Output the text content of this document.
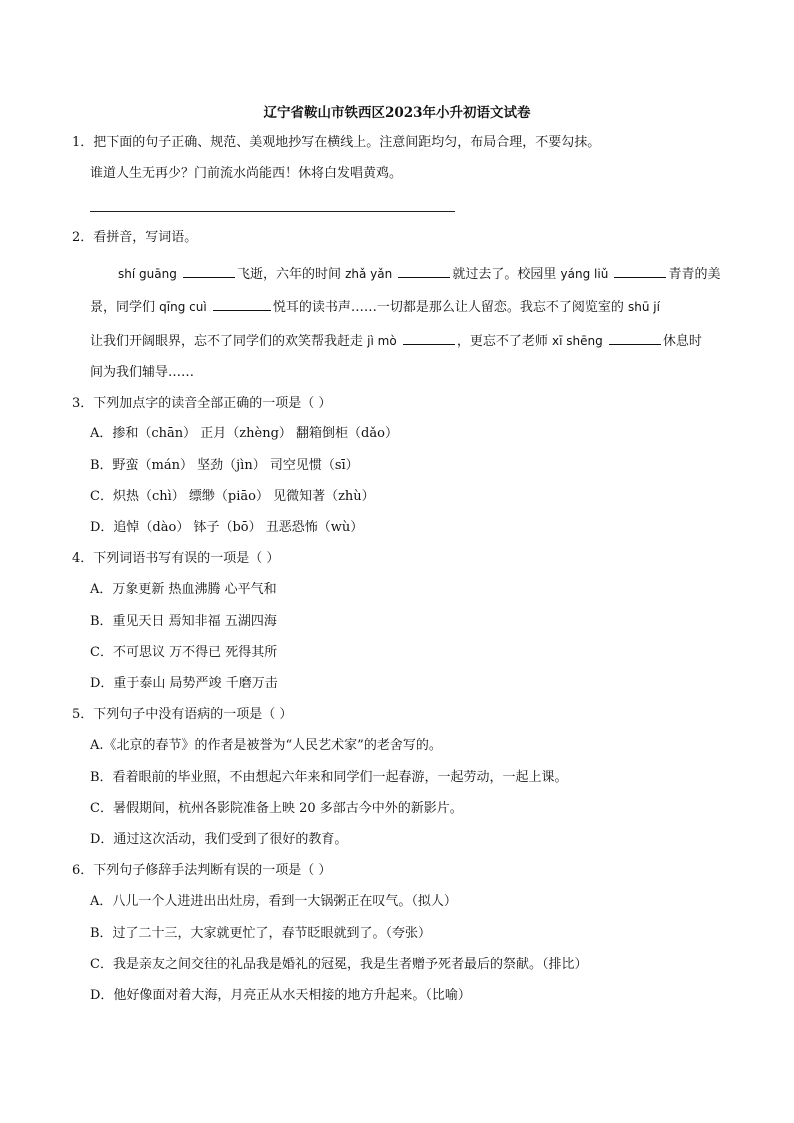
辽宁省鞍山市铁西区2023年小升初语文试卷
1．把下面的句子正确、规范、美观地抄写在横线上。注意间距均匀，布局合理，不要勾抹。
谁道人生无再少？门前流水尚能西！休将白发唱黄鸡。
2．看拼音，写词语。
shí guāng	飞逝，六年的时间 zhǎ yǎn	就过去了。校园里 yáng liǔ	青青的美
景，同学们 qīng cuì	悦耳的读书声……一切都是那么让人留恋。我忘不了阅览室的 shū jí
让我们开阔眼界，忘不了同学们的欢笑帮我赶走 jì mò	，更忘不了老师 xī shēng	休息时
间为我们辅导……
3．下列加点字的读音全部正确的一项是（ ）
A．掺和（chān） 正月（zhèng） 翻箱倒柜（dǎo）
B．野蛮（mán） 坚劲（jìn） 司空见惯（sī）
C．炽热（chì） 缥缈（piāo） 见微知著（zhù）
D．追悼（dào） 钵子（bō） 丑恶恐怖（wù）
4．下列词语书写有误的一项是（ ）
A．万象更新 热血沸腾 心平气和
B．重见天日 焉知非福 五湖四海
C．不可思议 万不得已 死得其所
D．重于泰山 局势严竣 千磨万击
5．下列句子中没有语病的一项是（ ）
A.《北京的春节》的作者是被誉为“人民艺术家”的老舍写的。
B．看着眼前的毕业照，不由想起六年来和同学们一起春游，一起劳动，一起上课。
C．暑假期间，杭州各影院准备上映 20 多部古今中外的新影片。
D．通过这次活动，我们受到了很好的教育。
6．下列句子修辞手法判断有误的一项是（ ）
A．八儿一个人进进出出灶房，看到一大锅粥正在叹气。（拟人）
B．过了二十三，大家就更忙了，春节眨眼就到了。（夸张）
C．我是亲友之间交往的礼品我是婚礼的冠冕，我是生者赠予死者最后的祭献。（排比）
D．他好像面对着大海，月亮正从水天相接的地方升起来。（比喻）
